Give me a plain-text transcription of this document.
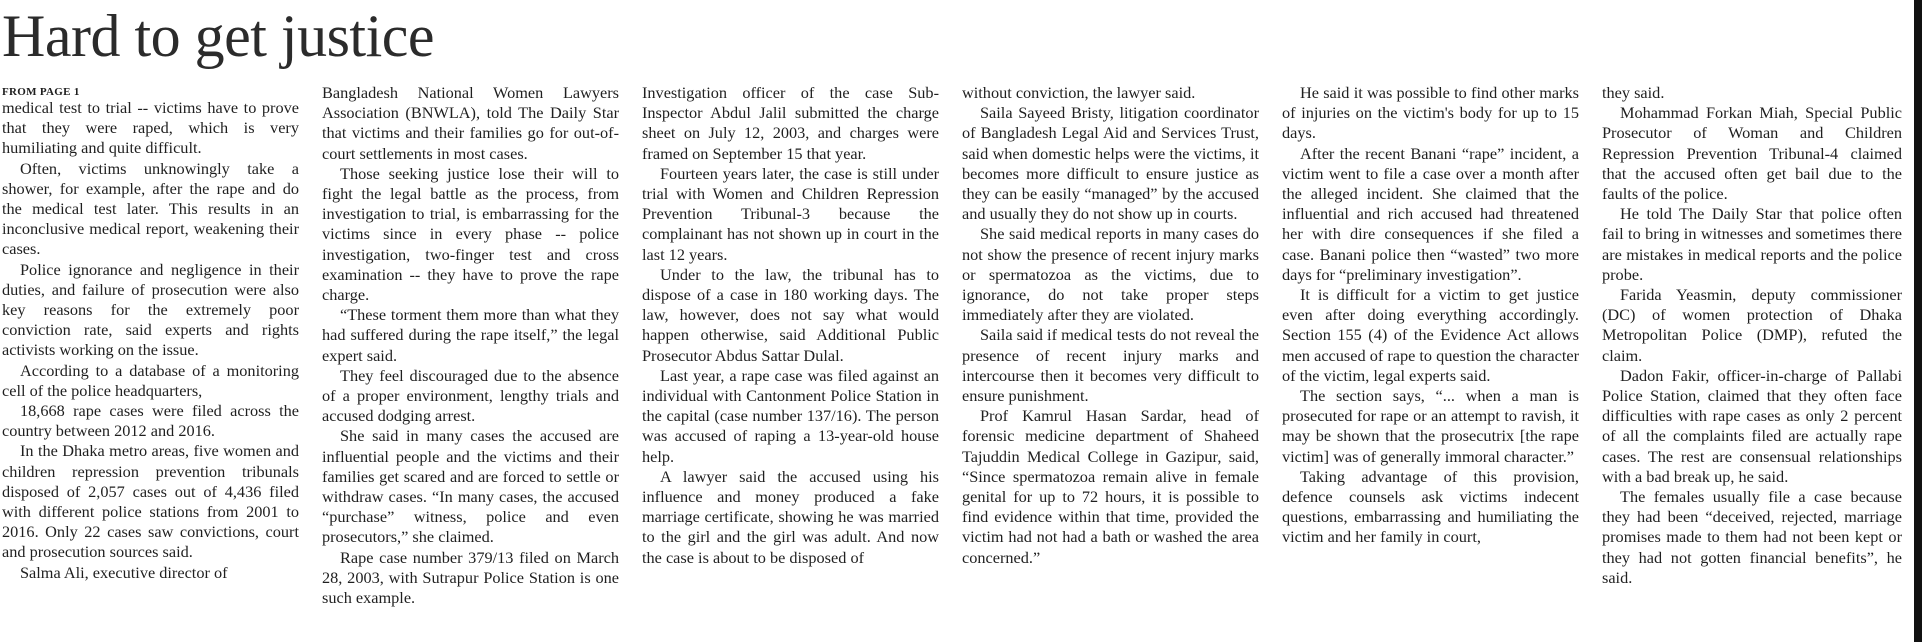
Hard to get justice
FROM PAGE 1

medical test to trial -- victims have to prove that they were raped, which is very humiliating and quite difficult.

Often, victims unknowingly take a shower, for example, after the rape and do the medical test later. This results in an inconclusive medical report, weakening their cases.

Police ignorance and negligence in their duties, and failure of prosecution were also key reasons for the extremely poor conviction rate, said experts and rights activists working on the issue.

According to a database of a monitoring cell of the police headquarters,

18,668 rape cases were filed across the country between 2012 and 2016.

In the Dhaka metro areas, five women and children repression prevention tribunals disposed of 2,057 cases out of 4,436 filed with different police stations from 2001 to 2016. Only 22 cases saw convictions, court and prosecution sources said.

Salma Ali, executive director of

Bangladesh National Women Lawyers Association (BNWLA), told The Daily Star that victims and their families go for out-of-court settlements in most cases.

Those seeking justice lose their will to fight the legal battle as the process, from investigation to trial, is embarrassing for the victims since in every phase -- police investigation, two-finger test and cross examination -- they have to prove the rape charge.

“These torment them more than what they had suffered during the rape itself,” the legal expert said.

They feel discouraged due to the absence of a proper environment, lengthy trials and accused dodging arrest.

She said in many cases the accused are influential people and the victims and their families get scared and are forced to settle or withdraw cases. “In many cases, the accused “purchase” witness, police and even prosecutors,” she claimed.

Rape case number 379/13 filed on March 28, 2003, with Sutrapur Police Station is one such example.

Investigation officer of the case Sub-Inspector Abdul Jalil submitted the charge sheet on July 12, 2003, and charges were framed on September 15 that year.

Fourteen years later, the case is still under trial with Women and Children Repression Prevention Tribunal-3 because the complainant has not shown up in court in the last 12 years.

Under to the law, the tribunal has to dispose of a case in 180 working days. The law, however, does not say what would happen otherwise, said Additional Public Prosecutor Abdus Sattar Dulal.

Last year, a rape case was filed against an individual with Cantonment Police Station in the capital (case number 137/16). The person was accused of raping a 13-year-old house help.

A lawyer said the accused using his influence and money produced a fake marriage certificate, showing he was married to the girl and the girl was adult. And now the case is about to be disposed of

without conviction, the lawyer said.

Saila Sayeed Bristy, litigation coordinator of Bangladesh Legal Aid and Services Trust, said when domestic helps were the victims, it becomes more difficult to ensure justice as they can be easily “managed” by the accused and usually they do not show up in courts.

She said medical reports in many cases do not show the presence of recent injury marks or spermatozoa as the victims, due to ignorance, do not take proper steps immediately after they are violated.

Saila said if medical tests do not reveal the presence of recent injury marks and intercourse then it becomes very difficult to ensure punishment.

Prof Kamrul Hasan Sardar, head of forensic medicine department of Shaheed Tajuddin Medical College in Gazipur, said, “Since spermatozoa remain alive in female genital for up to 72 hours, it is possible to find evidence within that time, provided the victim had not had a bath or washed the area concerned.”

He said it was possible to find other marks of injuries on the victim's body for up to 15 days.

After the recent Banani “rape” incident, a victim went to file a case over a month after the alleged incident. She claimed that the influential and rich accused had threatened her with dire consequences if she filed a case. Banani police then “wasted” two more days for “preliminary investigation”.

It is difficult for a victim to get justice even after doing everything accordingly. Section 155 (4) of the Evidence Act allows men accused of rape to question the character of the victim, legal experts said.

The section says, “... when a man is prosecuted for rape or an attempt to ravish, it may be shown that the prosecutrix [the rape victim] was of generally immoral character.”

Taking advantage of this provision, defence counsels ask victims indecent questions, embarrassing and humiliating the victim and her family in court,

they said.

Mohammad Forkan Miah, Special Public Prosecutor of Woman and Children Repression Prevention Tribunal-4 claimed that the accused often get bail due to the faults of the police.

He told The Daily Star that police often fail to bring in witnesses and sometimes there are mistakes in medical reports and the police probe.

Farida Yeasmin, deputy commissioner (DC) of women protection of Dhaka Metropolitan Police (DMP), refuted the claim.

Dadon Fakir, officer-in-charge of Pallabi Police Station, claimed that they often face difficulties with rape cases as only 2 percent of all the complaints filed are actually rape cases. The rest are consensual relationships with a bad break up, he said.

The females usually file a case because they had been “deceived, rejected, marriage promises made to them had not been kept or they had not gotten financial benefits”, he said.
